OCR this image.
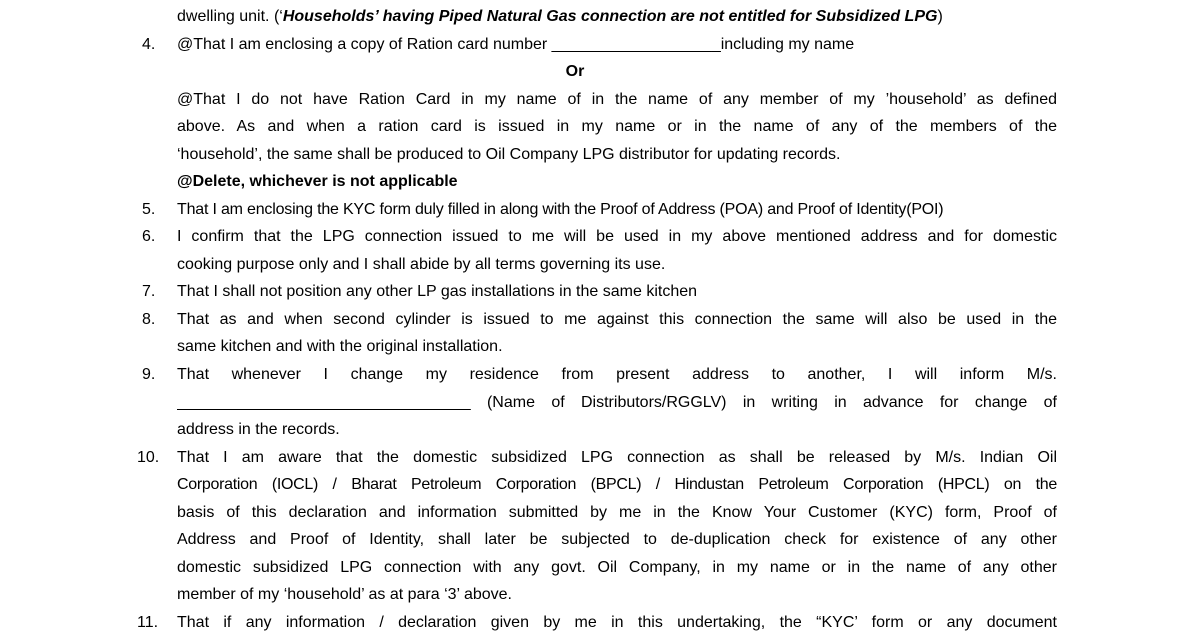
dwelling unit. (‘Households’ having Piped Natural Gas connection are not entitled for Subsidized LPG)
4.	@That I am enclosing a copy of Ration card number ___________________including my name
Or
@That I do not have Ration Card in my name of in the name of any member of my ’household’ as defined
above. As and when a ration card is issued in my name or in the name of any of the members of the
‘household’, the same shall be produced to Oil Company LPG distributor for updating records.
@Delete, whichever is not applicable
5.	That I am enclosing the KYC form duly filled in along with the Proof of Address (POA) and Proof of Identity(POI)
6.	I confirm that the LPG connection issued to me will be used in my above mentioned address and for domestic
cooking purpose only and I shall abide by all terms governing its use.
7.	That I shall not position any other LP gas installations in the same kitchen
8.	That as and when second cylinder is issued to me against this connection the same will also be used in the
same kitchen and with the original installation.
9.	That whenever I change my residence from present address to another, I will inform M/s.
_________________________________ (Name of Distributors/RGGLV) in writing in advance for change of
address in the records.
10.	That I am aware that the domestic subsidized LPG connection as shall be released by M/s. Indian Oil
Corporation (IOCL) / Bharat Petroleum Corporation (BPCL) / Hindustan Petroleum Corporation (HPCL) on the
basis of this declaration and information submitted by me in the Know Your Customer (KYC) form, Proof of
Address and Proof of Identity, shall later be subjected to de-duplication check for existence of any other
domestic subsidized LPG connection with any govt. Oil Company, in my name or in the name of any other
member of my ‘household’ as at para ‘3’ above.
11.	That if any information / declaration given by me in this undertaking, the “KYC’ form or any document
